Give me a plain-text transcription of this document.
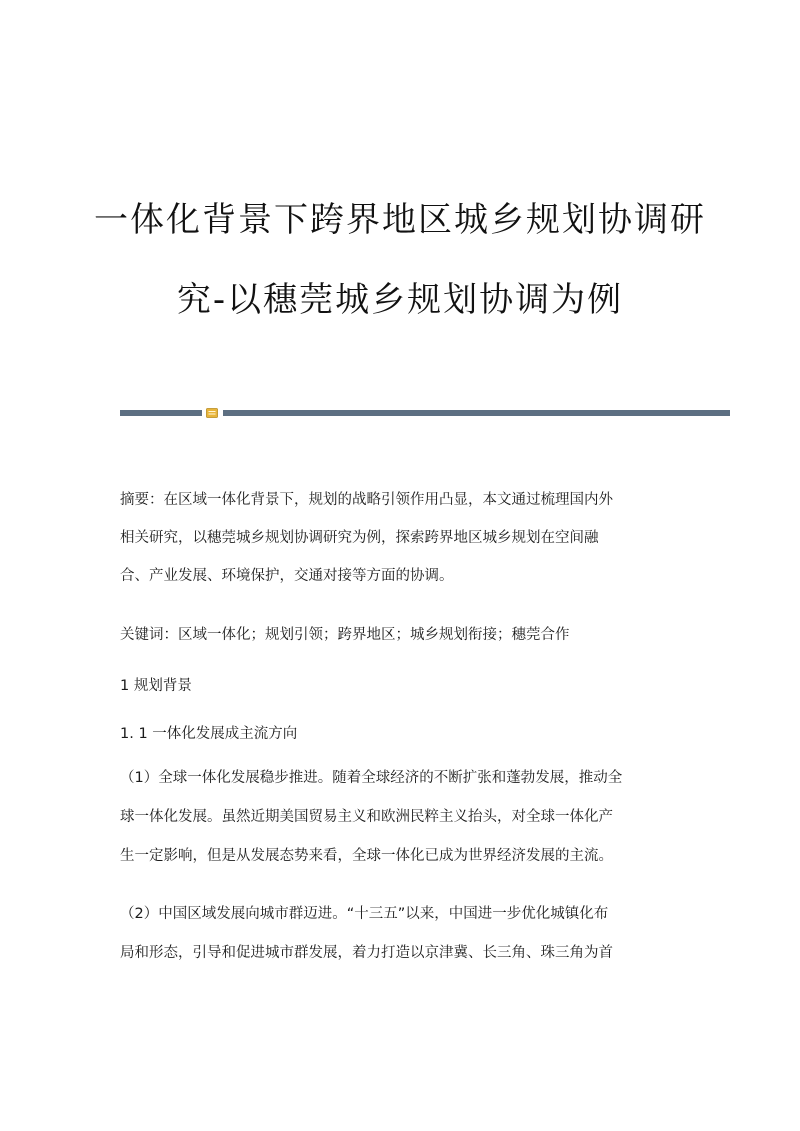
一体化背景下跨界地区城乡规划协调研
究-以穗莞城乡规划协调为例
摘要：在区域一体化背景下，规划的战略引领作用凸显，本文通过梳理国内外
相关研究，以穗莞城乡规划协调研究为例，探索跨界地区城乡规划在空间融
合、产业发展、环境保护，交通对接等方面的协调。
关键词：区域一体化；规划引领；跨界地区；城乡规划衔接；穗莞合作
1 规划背景
1. 1 一体化发展成主流方向
（1）全球一体化发展稳步推进。随着全球经济的不断扩张和蓬勃发展，推动全
球一体化发展。虽然近期美国贸易主义和欧洲民粹主义抬头，对全球一体化产
生一定影响，但是从发展态势来看，全球一体化已成为世界经济发展的主流。
（2）中国区域发展向城市群迈进。“十三五”以来，中国进一步优化城镇化布
局和形态，引导和促进城市群发展，着力打造以京津冀、长三角、珠三角为首
